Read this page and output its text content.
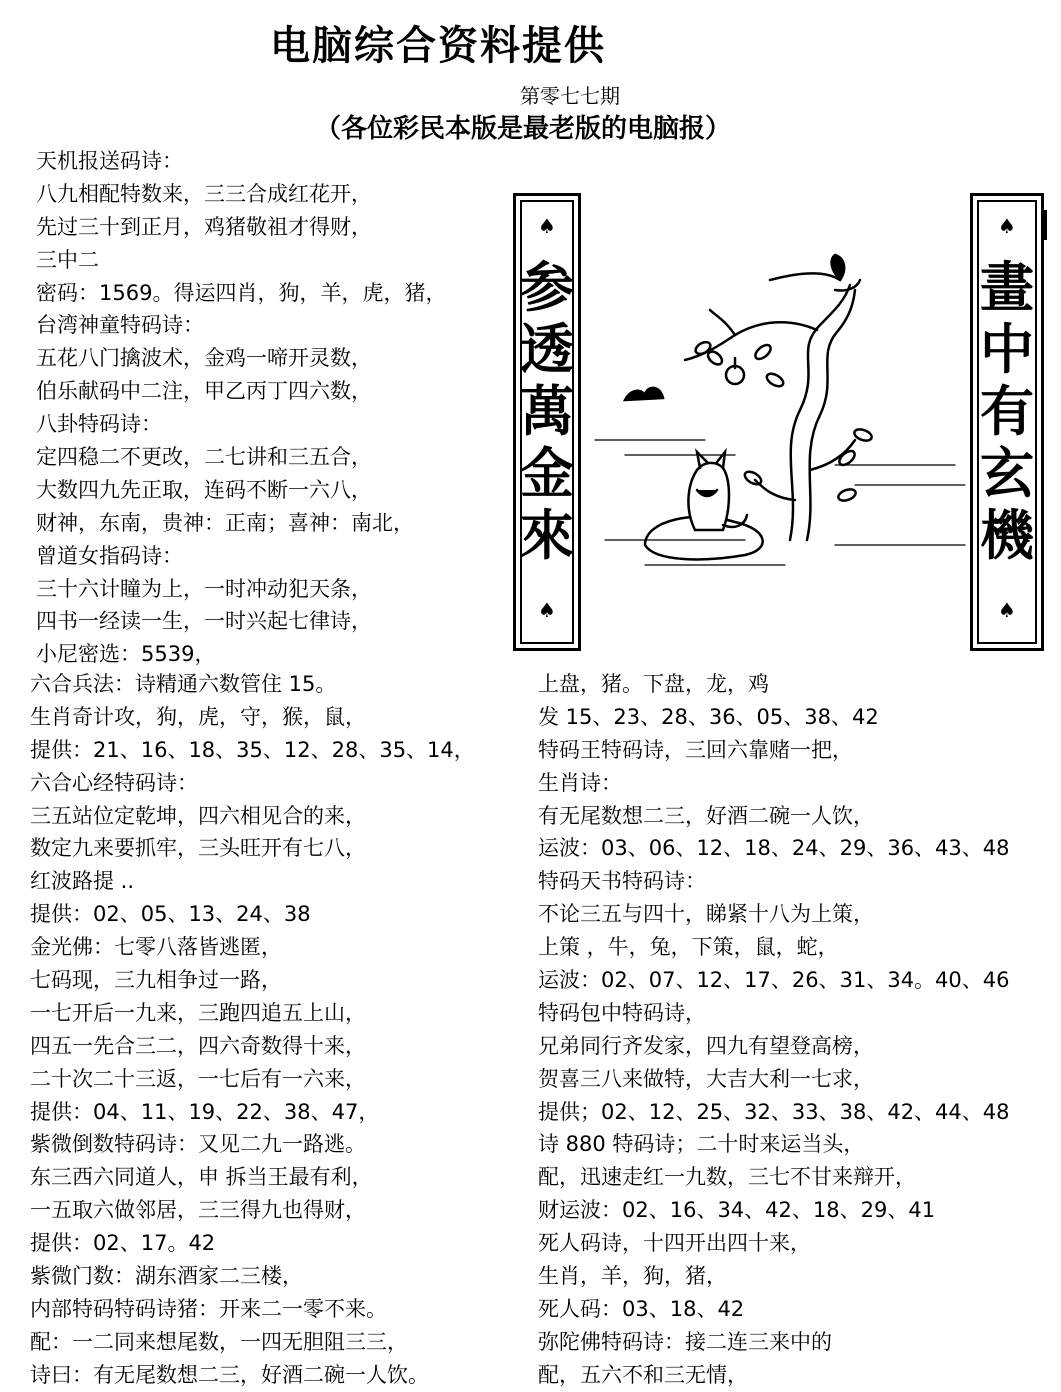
电脑综合资料提供
第零七七期
（各位彩民本版是最老版的电脑报）
天机报送码诗：
八九相配特数来，三三合成红花开，
先过三十到正月，鸡猪敬祖才得财，
三中二
密码：1569。得运四肖，狗，羊，虎，猪，
台湾神童特码诗：
五花八门擒波术，金鸡一啼开灵数，
伯乐献码中二注，甲乙丙丁四六数，
八卦特码诗：
定四稳二不更改，二七讲和三五合，
大数四九先正取，连码不断一六八，
财神，东南，贵神：正南；喜神：南北，
曾道女指码诗：
三十六计瞳为上，一时冲动犯天条，
四书一经读一生，一时兴起七律诗，
小尼密选：5539，
♠
参
透
萬
金
來
♠
♠
畫
中
有
玄
機
♠
六合兵法：诗精通六数管住 15。
生肖奇计攻，狗，虎，守，猴，鼠，
提供：21、16、18、35、12、28、35、14，
六合心经特码诗：
三五站位定乾坤，四六相见合的来，
数定九来要抓牢，三头旺开有七八，
红波路提 ..
提供：02、05、13、24、38
金光佛：七零八落皆逃匿，
七码现，三九相争过一路，
一七开后一九来，三跑四追五上山，
四五一先合三二，四六奇数得十来，
二十次二十三返，一七后有一六来，
提供：04、11、19、22、38、47，
紫微倒数特码诗：又见二九一路逃。
东三西六同道人，申 拆当王最有利，
一五取六做邻居，三三得九也得财，
提供：02、17。42
紫微门数：湖东酒家二三楼，
内部特码特码诗猪：开来二一零不来。
配：一二同来想尾数，一四无胆阻三三，
诗曰：有无尾数想二三，好酒二碗一人饮。
上盘，猪。下盘，龙，鸡
发 15、23、28、36、05、38、42
特码王特码诗，三回六靠赌一把，
生肖诗：
有无尾数想二三，好酒二碗一人饮，
运波：03、06、12、18、24、29、36、43、48
特码天书特码诗：
不论三五与四十，睇紧十八为上策，
上策 ，牛，兔，下策，鼠，蛇，
运波：02、07、12、17、26、31、34。40、46
特码包中特码诗，
兄弟同行齐发家，四九有望登高榜，
贺喜三八来做特，大吉大利一七求，
提供；02、12、25、32、33、38、42、44、48
诗 880 特码诗；二十时来运当头，
配，迅速走红一九数，三七不甘来辩开，
财运波：02、16、34、42、18、29、41
死人码诗，十四开出四十来，
生肖，羊，狗，猪，
死人码：03、18、42
弥陀佛特码诗：接二连三来中的
配，五六不和三无情，
